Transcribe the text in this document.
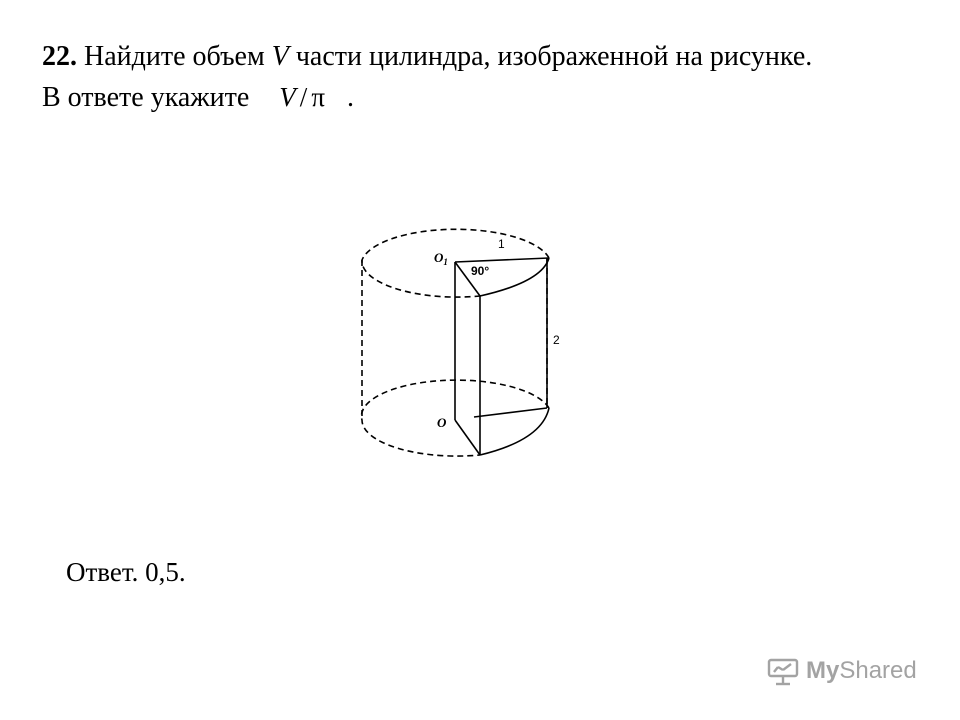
22. Найдите объем V части цилиндра, изображенной на рисунке.
В ответе укажите V / π .
$O_1$
1
90°
2
O
Ответ. 0,5.
MyShared
